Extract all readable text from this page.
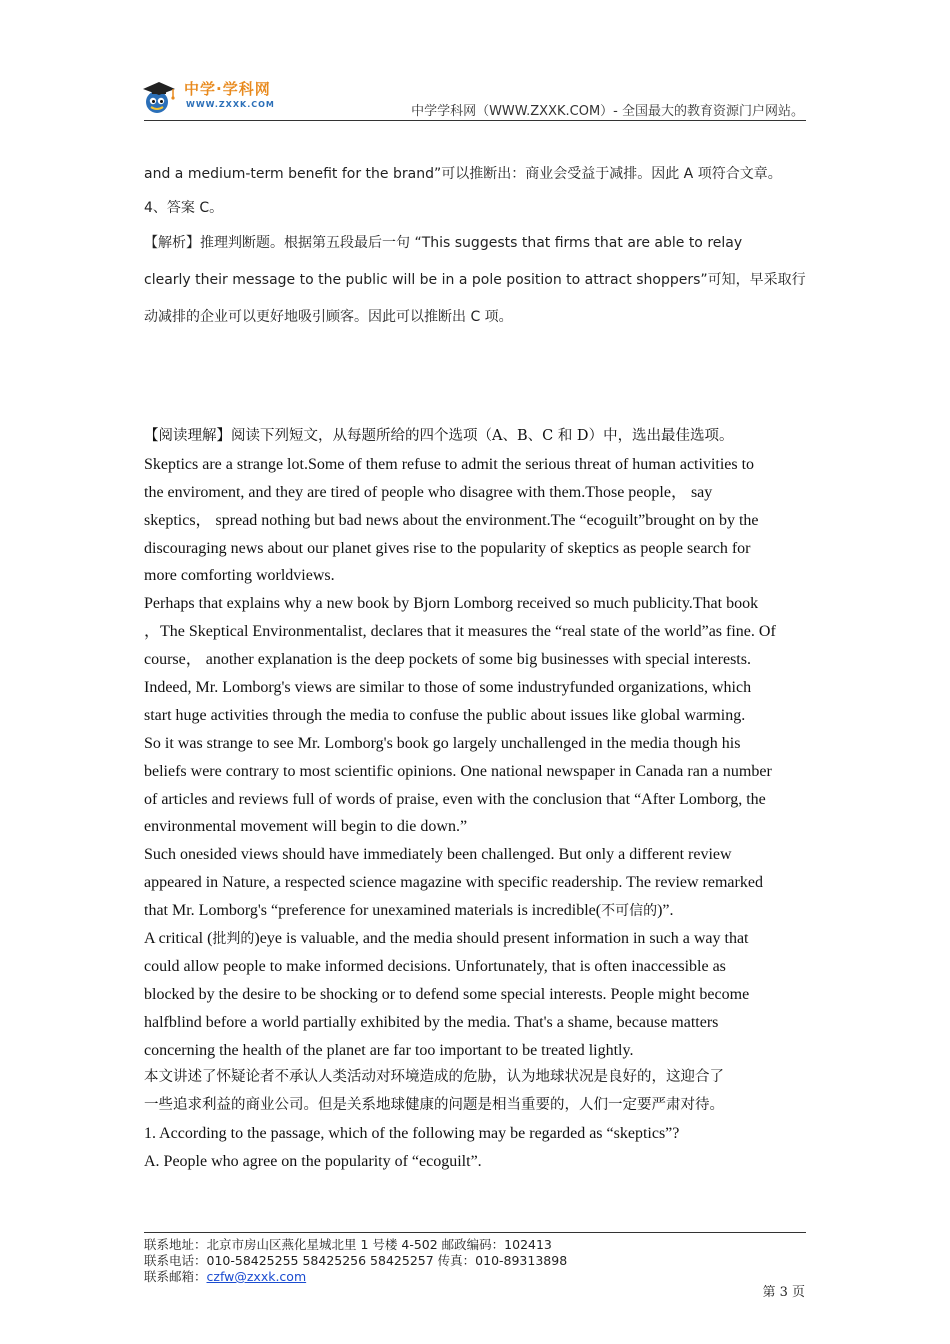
中学·学科网
WWW.ZXXK.COM	中学学科网（WWW.ZXXK.COM）- 全国最大的教育资源门户网站。
and a medium-term benefit for the brand”可以推断出：商业会受益于减排。因此 A 项符合文章。
4、答案 C。
【解析】推理判断题。根据第五段最后一句 “This suggests that firms that are able to relay
clearly their message to the public will be in a pole position to attract shoppers”可知，早采取行
动减排的企业可以更好地吸引顾客。因此可以推断出 C 项。
【阅读理解】阅读下列短文，从每题所给的四个选项（A、B、C 和 D）中，选出最佳选项。
Skeptics are a strange lot.Some of them refuse to admit the serious threat of human activities to
the enviroment, and they are tired of people who disagree with them.Those people， say
skeptics， spread nothing but bad news about the environment.The “ecoguilt”brought on by the
discouraging news about our planet gives rise to the popularity of skeptics as people search for
more comforting worldviews.
Perhaps that explains why a new book by Bjorn Lomborg received so much publicity.That book
，The Skeptical Environmentalist, declares that it measures the “real state of the world”as fine. Of
course， another explanation is the deep pockets of some big businesses with special interests.
Indeed, Mr. Lomborg's views are similar to those of some industryfunded organizations, which
start huge activities through the media to confuse the public about issues like global warming.
So it was strange to see Mr. Lomborg's book go largely unchallenged in the media though his
beliefs were contrary to most scientific opinions. One national newspaper in Canada ran a number
of articles and reviews full of words of praise, even with the conclusion that “After Lomborg, the
environmental movement will begin to die down.”
Such onesided views should have immediately been challenged. But only a different review
appeared in Nature, a respected science magazine with specific readership. The review remarked
that Mr. Lomborg's “preference for unexamined materials is incredible(不可信的)”.
A critical (批判的)eye is valuable, and the media should present information in such a way that
could allow people to make informed decisions. Unfortunately, that is often inaccessible as
blocked by the desire to be shocking or to defend some special interests. People might become
halfblind before a world partially exhibited by the media. That's a shame, because matters
concerning the health of the planet are far too important to be treated lightly.
本文讲述了怀疑论者不承认人类活动对环境造成的危胁，认为地球状况是良好的，这迎合了
一些追求利益的商业公司。但是关系地球健康的问题是相当重要的，人们一定要严肃对待。
1. According to the passage, which of the following may be regarded as “skeptics”?
A. People who agree on the popularity of “ecoguilt”.
联系地址：北京市房山区燕化星城北里 1 号楼 4-502 邮政编码：102413
联系电话：010-58425255 58425256 58425257 传真：010-89313898
联系邮箱：czfw@zxxk.com
第 3 页
